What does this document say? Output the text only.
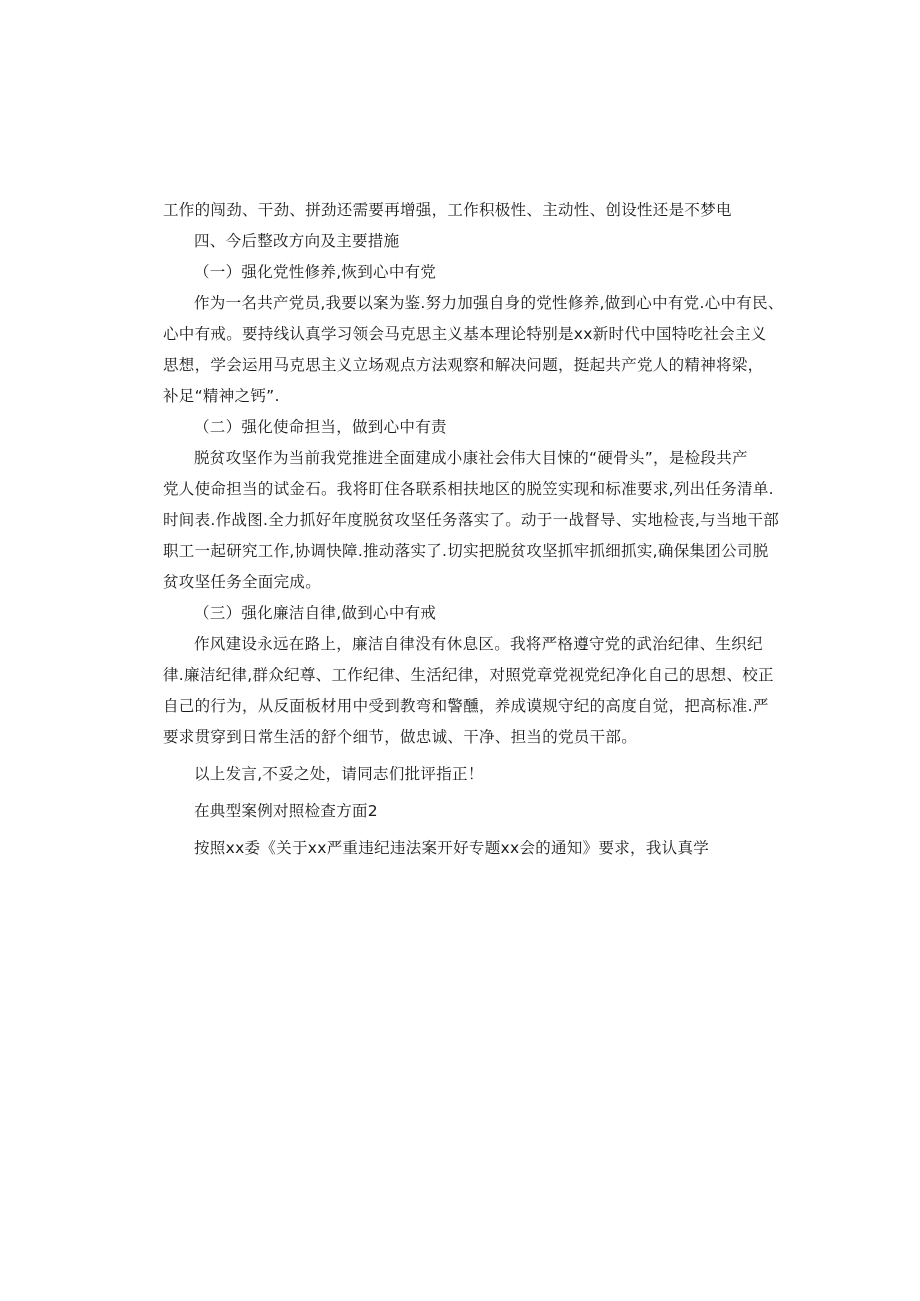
工作的闯劲、干劲、拼劲还需要再增强，工作积极性、主动性、创设性还是不梦电
四、今后整改方向及主要措施
（一）强化党性修养,恢到心中有党
作为一名共产党员,我要以案为鉴.努力加强自身的党性修养,做到心中有党.心中有民、
心中有戒。要持线认真学习领会马克思主义基本理论特别是xx新时代中国特吃社会主义
思想，学会运用马克思主义立场观点方法观察和解决问题，挺起共产党人的精神将梁，
补足“精神之钙”.
（二）强化使命担当，做到心中有责
脱贫攻坚作为当前我党推进全面建成小康社会伟大目悚的“硬骨头”，是检段共产
党人使命担当的试金石。我将盯住各联系相扶地区的脱笠实现和标准要求,列出任务清单.
时间表.作战图.全力抓好年度脱贫攻坚任务落实了。动于一战督导、实地检丧,与当地干部
职工一起研究工作,协调快障.推动落实了.切实把脱贫攻坚抓牢抓细抓实,确保集团公司脱
贫攻坚任务全面完成。
（三）强化廉洁自律,做到心中有戒
作风建设永远在路上，廉洁自律没有休息区。我将严格遵守党的武治纪律、生织纪
律.廉洁纪律,群众纪尊、工作纪律、生活纪律，对照党章党视党纪净化自己的思想、校正
自己的行为，从反面板材用中受到教弯和警醺，养成谟规守纪的高度自觉，把高标准.严
要求贯穿到日常生活的舒个细节，做忠诚、干净、担当的党员干部。
以上发言,不妥之处，请同志们批评指正！
在典型案例对照检查方面2
按照xx委《关于xx严重违纪违法案开好专题xx会的通知》要求，我认真学
